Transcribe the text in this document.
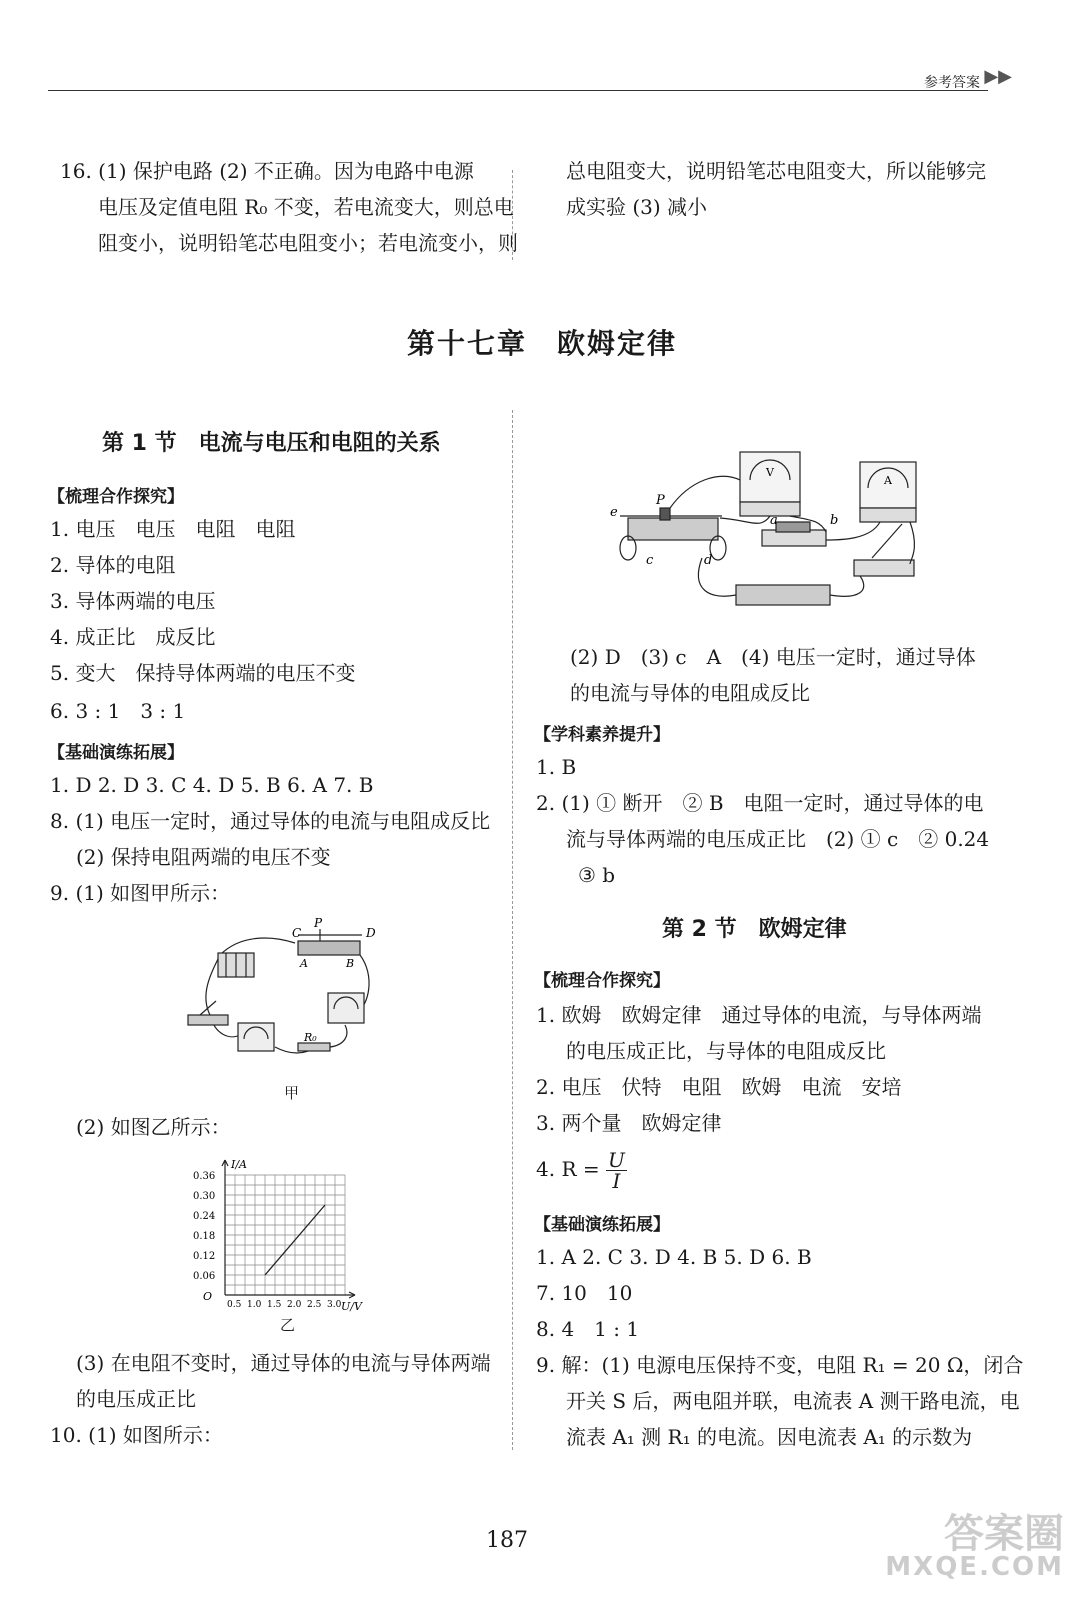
参考答案 ▶▶
16. (1) 保护电路 (2) 不正确。因为电路中电源
电压及定值电阻 R₀ 不变，若电流变大，则总电
阻变小，说明铅笔芯电阻变小；若电流变小，则
总电阻变大，说明铅笔芯电阻变大，所以能够完
成实验 (3) 减小
第十七章　欧姆定律
第 1 节　电流与电压和电阻的关系
【梳理合作探究】
1. 电压　电压　电阻　电阻
2. 导体的电阻
3. 导体两端的电压
4. 成正比　成反比
5. 变大　保持导体两端的电压不变
6. 3 : 1　3 : 1
【基础演练拓展】
1. D 2. D 3. C 4. D 5. B 6. A 7. B
8. (1) 电压一定时，通过导体的电流与电阻成反比
(2) 保持电阻两端的电压不变
9. (1) 如图甲所示：
C
P
D
A	B
R₀
甲
(2) 如图乙所示：
O
I/A
U/V
0.06
0.12
0.18
0.24
0.30
0.36
0.5 1.0 1.5 2.0 2.5 3.0
乙
(3) 在电阻不变时，通过导体的电流与导体两端
的电压成正比
10. (1) 如图所示：
e
P
c	d
a	b
V
A
(2) D　(3) c　A　(4) 电压一定时，通过导体
的电流与导体的电阻成反比
【学科素养提升】
1. B
2. (1) ① 断开　② B　电阻一定时，通过导体的电
流与导体两端的电压成正比　(2) ① c　② 0.24
③ b
第 2 节　欧姆定律
【梳理合作探究】
1. 欧姆　欧姆定律　通过导体的电流，与导体两端
的电压成正比，与导体的电阻成反比
2. 电压　伏特　电阻　欧姆　电流　安培
3. 两个量　欧姆定律
4. $R = \frac{U}{I}$
【基础演练拓展】
1. A 2. C 3. D 4. B 5. D 6. B
7. 10　10
8. 4　1 : 1
9. 解：(1) 电源电压保持不变，电阻 R₁ = 20 Ω，闭合
开关 S 后，两电阻并联，电流表 A 测干路电流，电
流表 A₁ 测 R₁ 的电流。因电流表 A₁ 的示数为
187	答案圈
MXQE.COM
